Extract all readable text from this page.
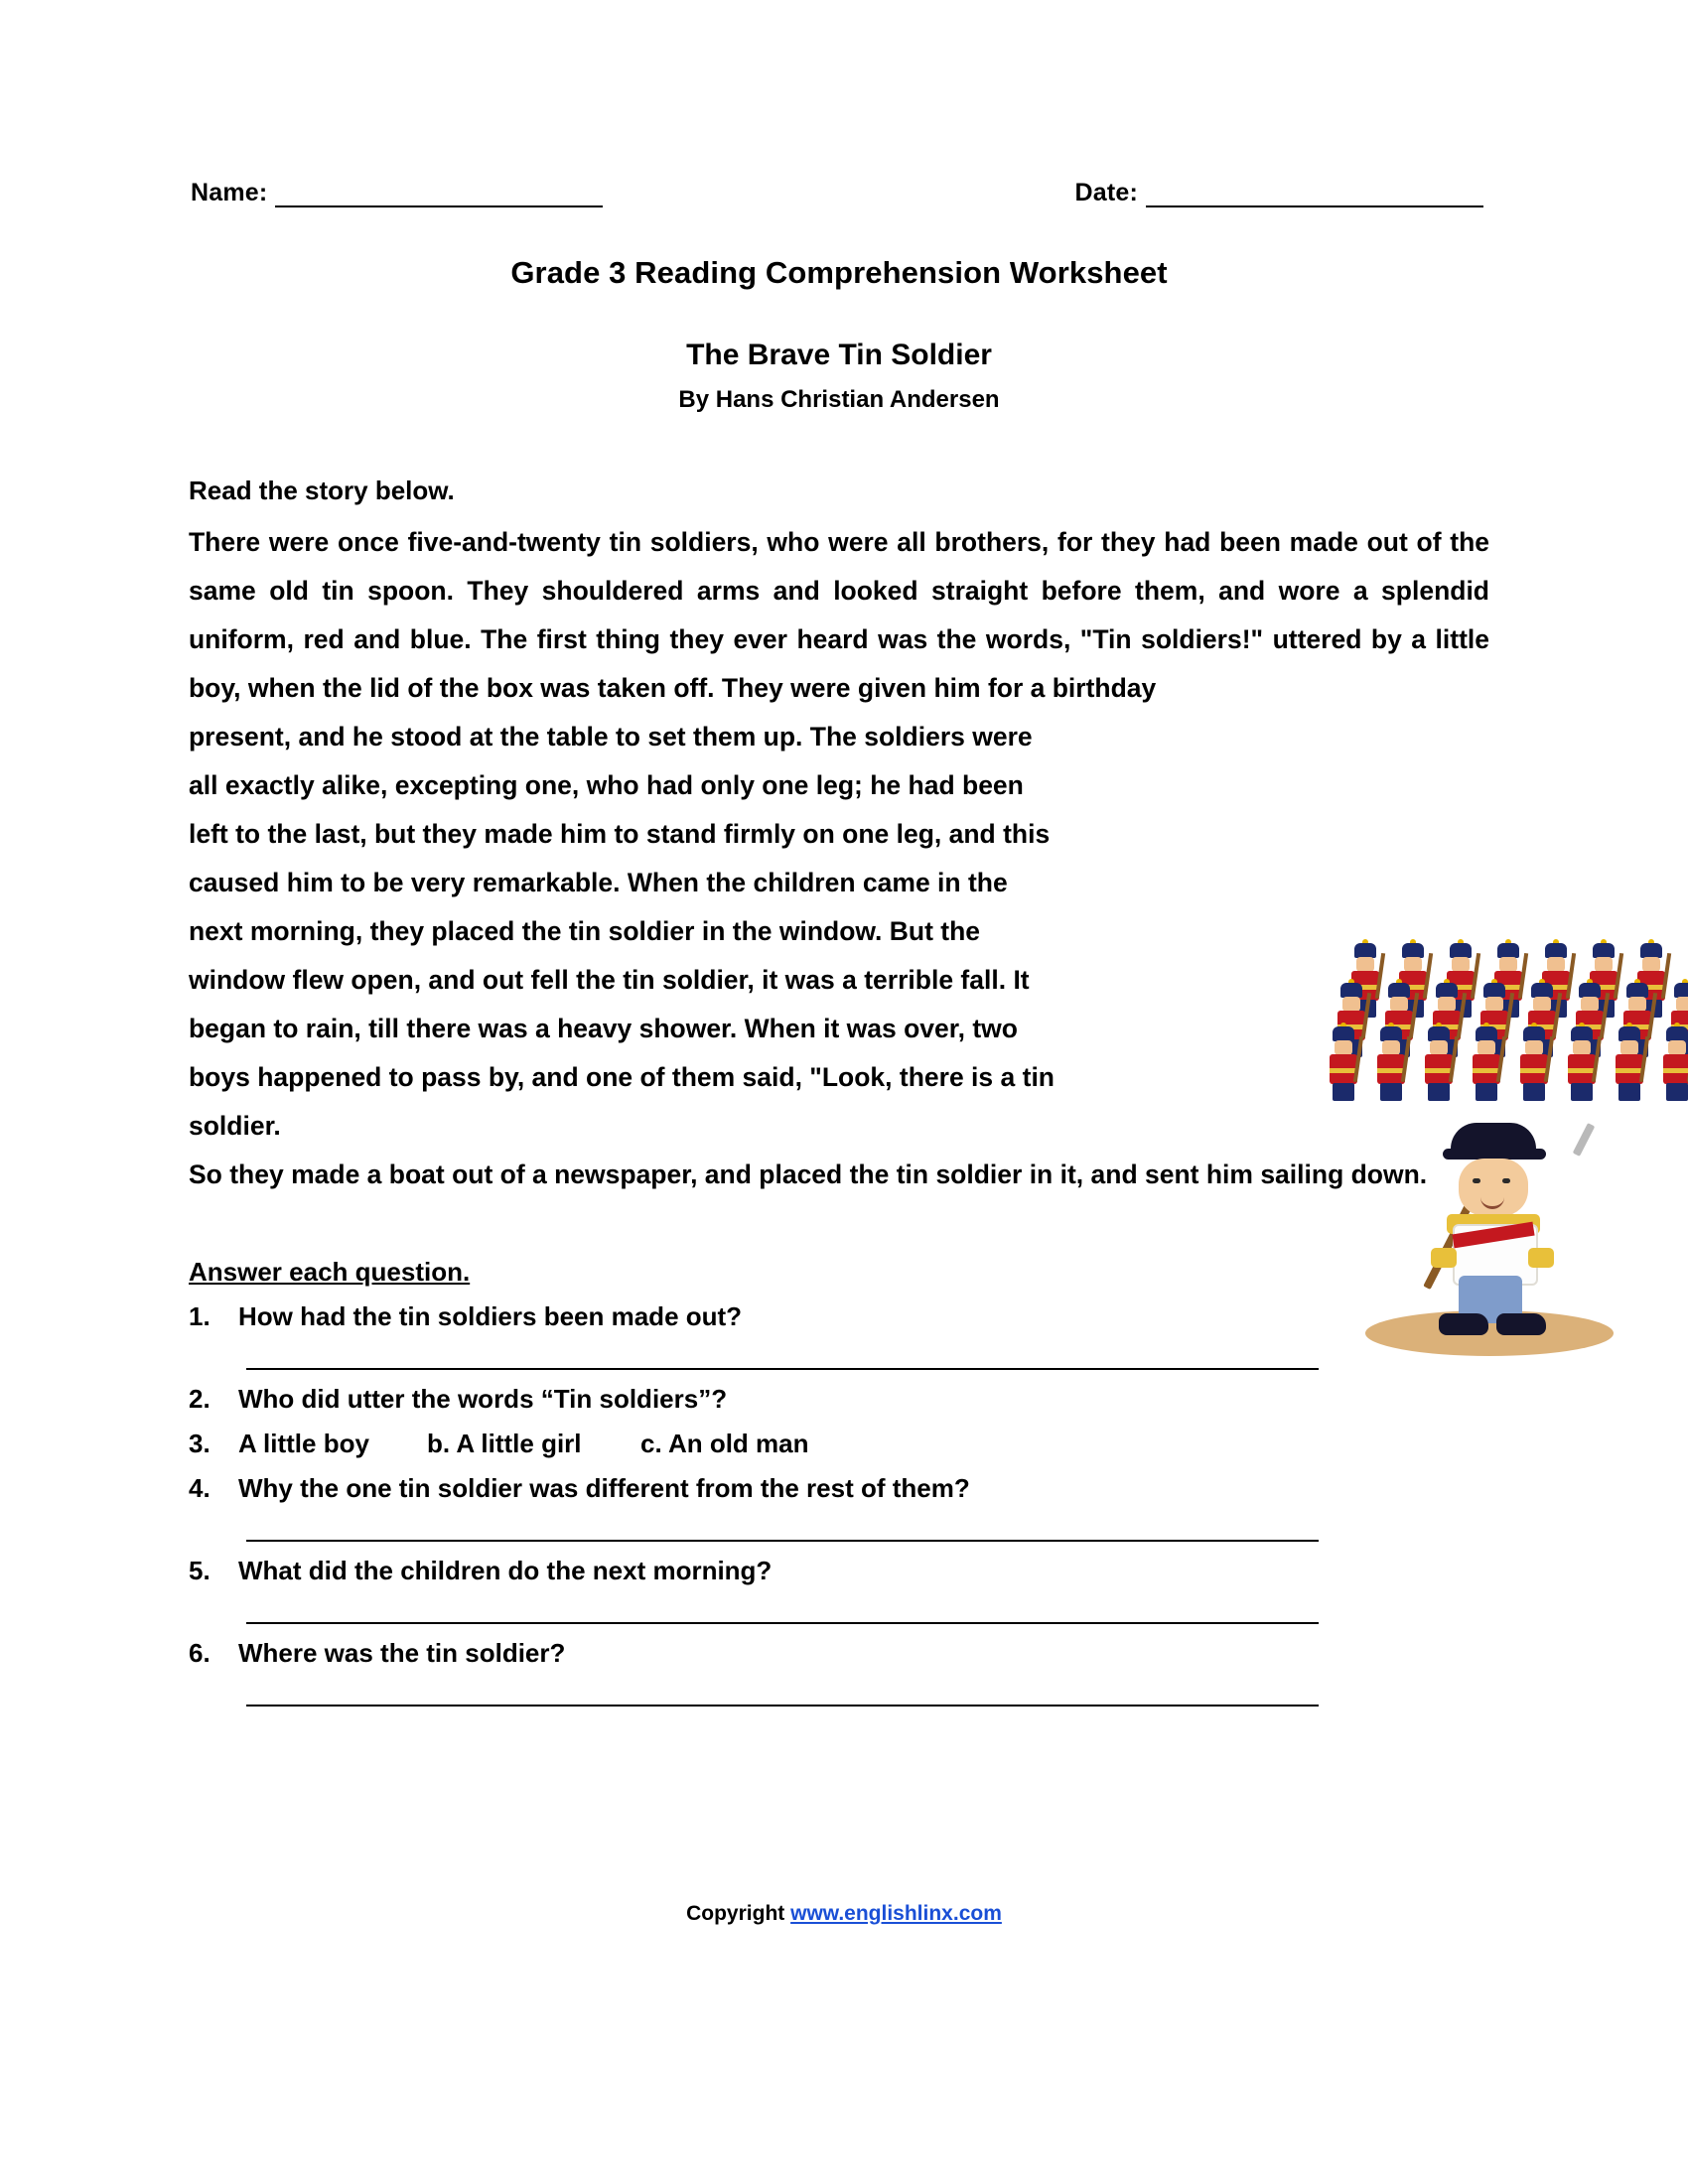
Name:	Date:
Grade 3 Reading Comprehension Worksheet
The Brave Tin Soldier
By Hans Christian Andersen
Read the story below.

There were once five-and-twenty tin soldiers, who were all brothers, for they had been made out of the same old tin spoon. They shouldered arms and looked straight before them, and wore a splendid uniform, red and blue. The first thing they ever heard was the words, "Tin soldiers!" uttered by a little boy, when the lid of the box was taken off. They were given him for a birthday

present, and he stood at the table to set them up. The soldiers were all exactly alike, excepting one, who had only one leg; he had been left to the last, but they made him to stand firmly on one leg, and this caused him to be very remarkable. When the children came in the next morning, they placed the tin soldier in the window. But the window flew open, and out fell the tin soldier, it was a terrible fall. It began to rain, till there was a heavy shower. When it was over, two boys happened to pass by, and one of them said, "Look, there is a tin soldier.

So they made a boat out of a newspaper, and placed the tin soldier in it, and sent him sailing down.

Answer each question.
1.	How had the tin soldiers been made out?
2.	Who did utter the words “Tin soldiers”?
3.	A little boy	b. A little girl	c. An old man
4.	Why the one tin soldier was different from the rest of them?
5.	What did the children do the next morning?
6.	Where was the tin soldier?
Copyright www.englishlinx.com
